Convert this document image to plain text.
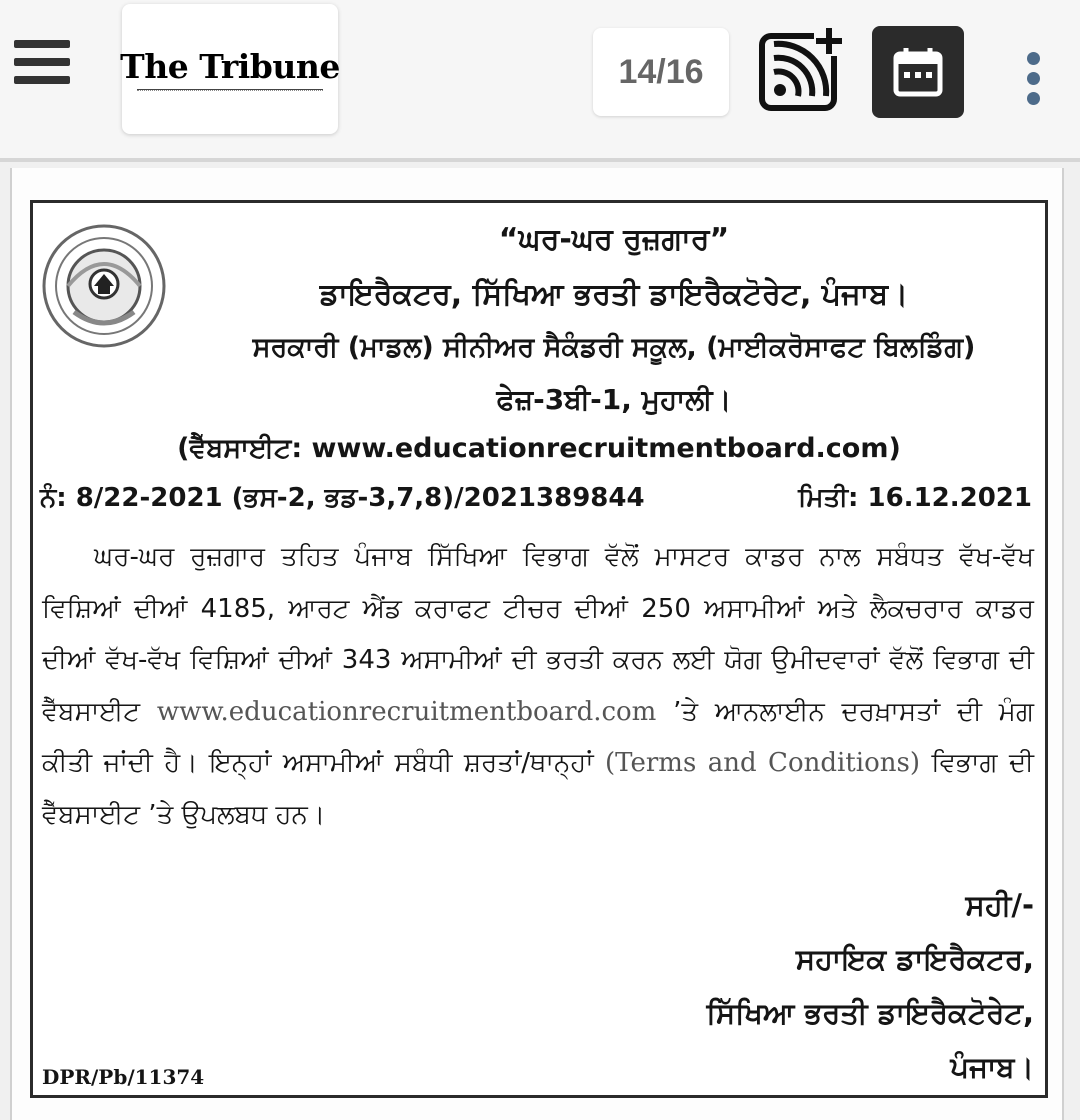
The Tribune	14/16
“ਘਰ-ਘਰ ਰੁਜ਼ਗਾਰ”
ਡਾਇਰੈਕਟਰ, ਸਿੱਖਿਆ ਭਰਤੀ ਡਾਇਰੈਕਟੋਰੇਟ, ਪੰਜਾਬ।
ਸਰਕਾਰੀ (ਮਾਡਲ) ਸੀਨੀਅਰ ਸੈਕੰਡਰੀ ਸਕੂਲ, (ਮਾਈਕਰੋਸਾਫਟ ਬਿਲਡਿੰਗ)
ਫੇਜ਼-3ਬੀ-1, ਮੁਹਾਲੀ।
(ਵੈੱਬਸਾਈਟ: www.educationrecruitmentboard.com)
ਨੰ: 8/22-2021 (ਭਸ-2, ਭਡ-3,7,8)/2021389844	ਮਿਤੀ: 16.12.2021
ਘਰ-ਘਰ ਰੁਜ਼ਗਾਰ ਤਹਿਤ ਪੰਜਾਬ ਸਿੱਖਿਆ ਵਿਭਾਗ ਵੱਲੋਂ ਮਾਸਟਰ ਕਾਡਰ ਨਾਲ ਸਬੰਧਤ ਵੱਖ-ਵੱਖ ਵਿਸ਼ਿਆਂ ਦੀਆਂ 4185, ਆਰਟ ਐਂਡ ਕਰਾਫਟ ਟੀਚਰ ਦੀਆਂ 250 ਅਸਾਮੀਆਂ ਅਤੇ ਲੈਕਚਰਾਰ ਕਾਡਰ ਦੀਆਂ ਵੱਖ-ਵੱਖ ਵਿਸ਼ਿਆਂ ਦੀਆਂ 343 ਅਸਾਮੀਆਂ ਦੀ ਭਰਤੀ ਕਰਨ ਲਈ ਯੋਗ ਉਮੀਦਵਾਰਾਂ ਵੱਲੋਂ ਵਿਭਾਗ ਦੀ ਵੈੱਬਸਾਈਟ www.educationrecruitmentboard.com ’ਤੇ ਆਨਲਾਈਨ ਦਰਖ਼ਾਸਤਾਂ ਦੀ ਮੰਗ ਕੀਤੀ ਜਾਂਦੀ ਹੈ। ਇਨ੍ਹਾਂ ਅਸਾਮੀਆਂ ਸਬੰਧੀ ਸ਼ਰਤਾਂ/ਥਾਨ੍ਹਾਂ (Terms and Conditions) ਵਿਭਾਗ ਦੀ ਵੈੱਬਸਾਈਟ ’ਤੇ ਉਪਲਬਧ ਹਨ।
ਸਹੀ/-
ਸਹਾਇਕ ਡਾਇਰੈਕਟਰ,
ਸਿੱਖਿਆ ਭਰਤੀ ਡਾਇਰੈਕਟੋਰੇਟ,
ਪੰਜਾਬ।
DPR/Pb/11374
